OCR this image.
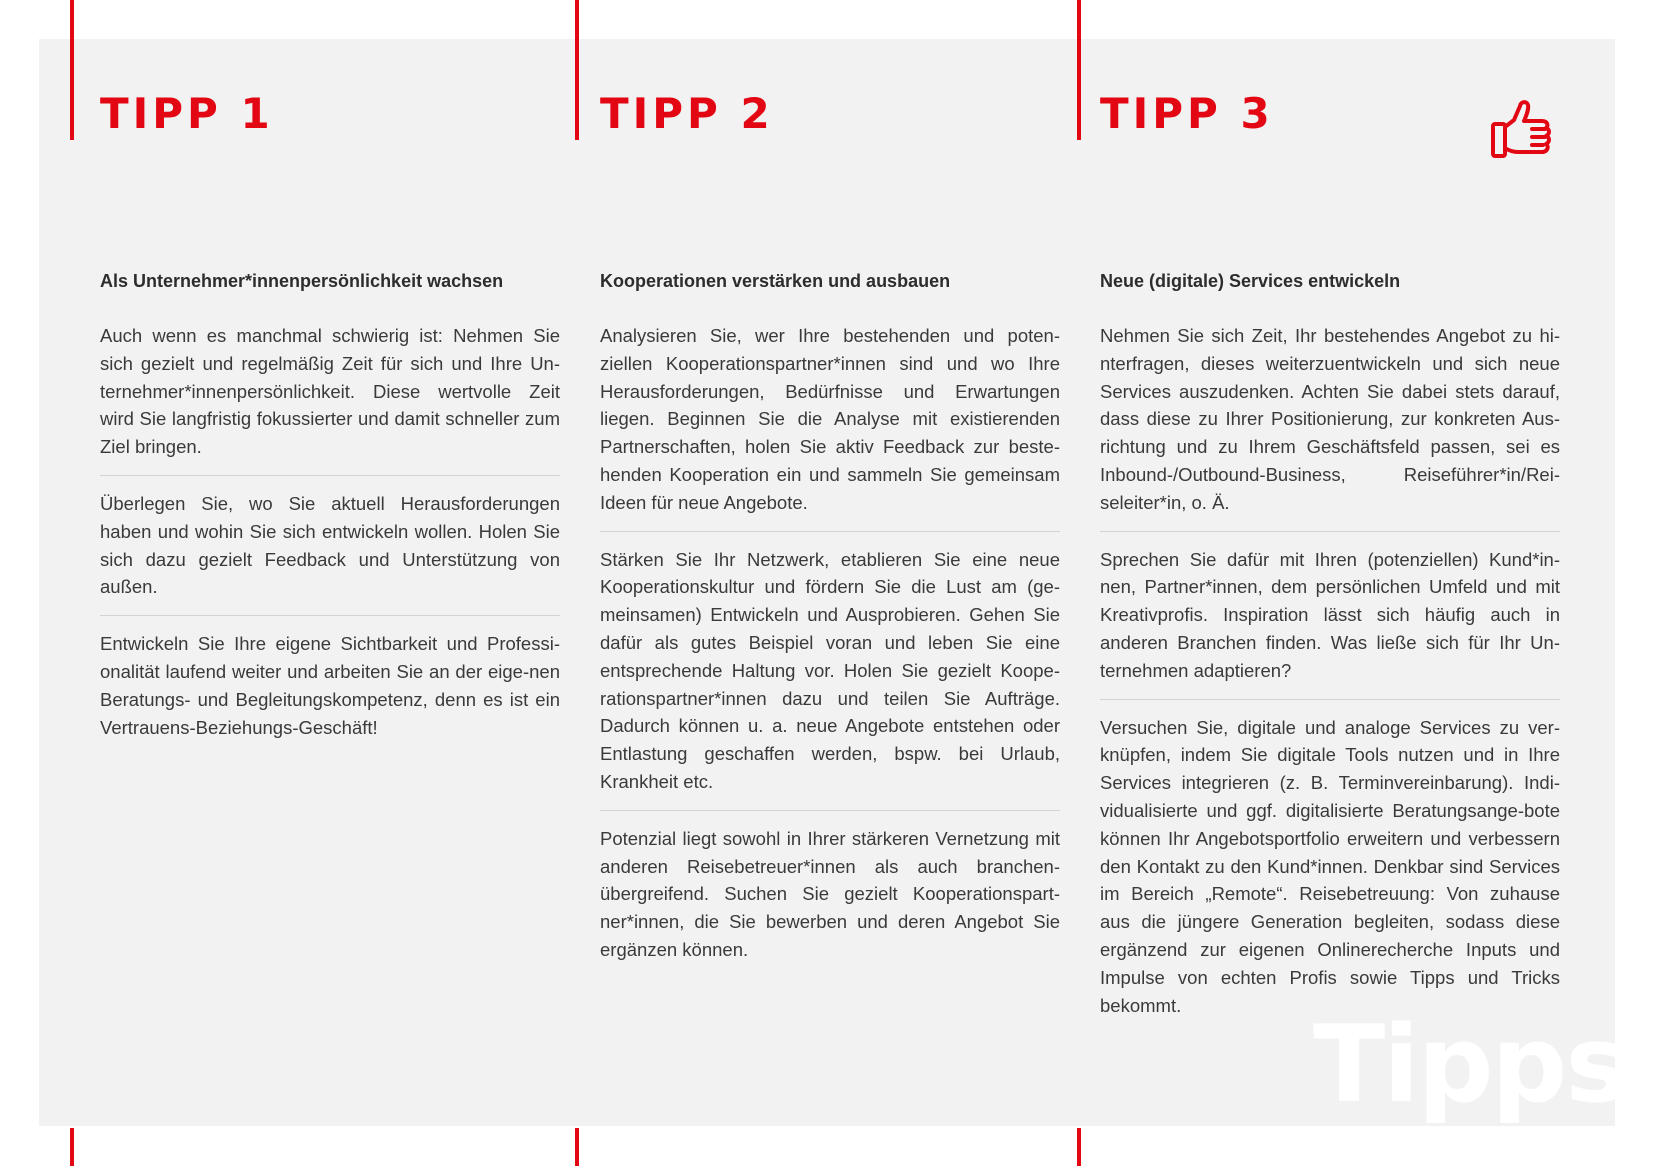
Tipps
TIPP 1
Als Unternehmer*innenpersönlichkeit wachsen

Auch wenn es manchmal schwierig ist: Nehmen Sie sich gezielt und regelmäßig Zeit für sich und Ihre Un-ternehmer*innenpersönlichkeit. Diese wertvolle Zeit wird Sie langfristig fokussierter und damit schneller zum Ziel bringen.

Überlegen Sie, wo Sie aktuell Herausforderungen haben und wohin Sie sich entwickeln wollen. Holen Sie sich dazu gezielt Feedback und Unterstützung von außen.

Entwickeln Sie Ihre eigene Sichtbarkeit und Professi-onalität laufend weiter und arbeiten Sie an der eige-nen Beratungs- und Begleitungskompetenz, denn es ist ein Vertrauens-Beziehungs-Geschäft!

TIPP 2
Kooperationen verstärken und ausbauen

Analysieren Sie, wer Ihre bestehenden und poten-ziellen Kooperationspartner*innen sind und wo Ihre Herausforderungen, Bedürfnisse und Erwartungen liegen. Beginnen Sie die Analyse mit existierenden Partnerschaften, holen Sie aktiv Feedback zur beste-henden Kooperation ein und sammeln Sie gemeinsam Ideen für neue Angebote.

Stärken Sie Ihr Netzwerk, etablieren Sie eine neue Kooperationskultur und fördern Sie die Lust am (ge-meinsamen) Entwickeln und Ausprobieren. Gehen Sie dafür als gutes Beispiel voran und leben Sie eine entsprechende Haltung vor. Holen Sie gezielt Koope-rationspartner*innen dazu und teilen Sie Aufträge. Dadurch können u. a. neue Angebote entstehen oder Entlastung geschaffen werden, bspw. bei Urlaub, Krankheit etc.

Potenzial liegt sowohl in Ihrer stärkeren Vernetzung mit anderen Reisebetreuer*innen als auch branchen-übergreifend. Suchen Sie gezielt Kooperationspart-ner*innen, die Sie bewerben und deren Angebot Sie ergänzen können.

TIPP 3
Neue (digitale) Services entwickeln

Nehmen Sie sich Zeit, Ihr bestehendes Angebot zu hi-nterfragen, dieses weiterzuentwickeln und sich neue Services auszudenken. Achten Sie dabei stets darauf, dass diese zu Ihrer Positionierung, zur konkreten Aus-richtung und zu Ihrem Geschäftsfeld passen, sei es Inbound-/Outbound-Business, Reiseführer*in/Rei-seleiter*in, o. Ä.

Sprechen Sie dafür mit Ihren (potenziellen) Kund*in-nen, Partner*innen, dem persönlichen Umfeld und mit Kreativprofis. Inspiration lässt sich häufig auch in anderen Branchen finden. Was ließe sich für Ihr Un-ternehmen adaptieren?

Versuchen Sie, digitale und analoge Services zu ver-knüpfen, indem Sie digitale Tools nutzen und in Ihre Services integrieren (z. B. Terminvereinbarung). Indi-vidualisierte und ggf. digitalisierte Beratungsange-bote können Ihr Angebotsportfolio erweitern und verbessern den Kontakt zu den Kund*innen. Denkbar sind Services im Bereich „Remote“. Reisebetreuung: Von zuhause aus die jüngere Generation begleiten, sodass diese ergänzend zur eigenen Onlinerecherche Inputs und Impulse von echten Profis sowie Tipps und Tricks bekommt.
